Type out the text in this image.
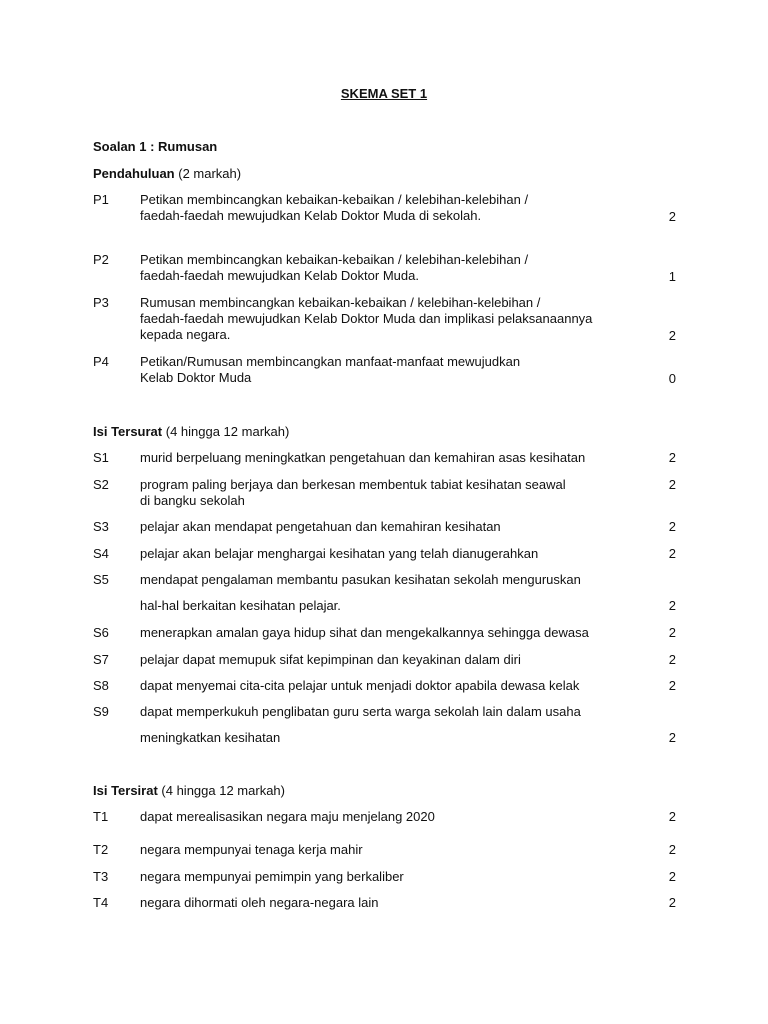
SKEMA SET 1
Soalan 1 : Rumusan
Pendahuluan (2 markah)
P1	Petikan membincangkan kebaikan-kebaikan / kelebihan-kelebihan /
faedah-faedah mewujudkan Kelab Doktor Muda di sekolah.	2
P2	Petikan membincangkan kebaikan-kebaikan / kelebihan-kelebihan /
faedah-faedah mewujudkan Kelab Doktor Muda.	1
P3	Rumusan membincangkan kebaikan-kebaikan / kelebihan-kelebihan /
faedah-faedah mewujudkan Kelab Doktor Muda dan implikasi pelaksanaannya
kepada negara.	2
P4	Petikan/Rumusan membincangkan manfaat-manfaat mewujudkan
Kelab Doktor Muda	0
Isi Tersurat (4 hingga 12 markah)
S1	murid berpeluang meningkatkan pengetahuan dan kemahiran asas kesihatan	2
S2	program paling berjaya dan berkesan membentuk tabiat kesihatan seawal
di bangku sekolah
2
S3	pelajar akan mendapat pengetahuan dan kemahiran kesihatan	2
S4	pelajar akan belajar menghargai kesihatan yang telah dianugerahkan	2
S5	mendapat pengalaman membantu pasukan kesihatan sekolah menguruskan
hal-hal berkaitan kesihatan pelajar.	2
S6	menerapkan amalan gaya hidup sihat dan mengekalkannya sehingga dewasa	2
S7	pelajar dapat memupuk sifat kepimpinan dan keyakinan dalam diri	2
S8	dapat menyemai cita-cita pelajar untuk menjadi doktor apabila dewasa kelak	2
S9	dapat memperkukuh penglibatan guru serta warga sekolah lain dalam usaha
meningkatkan kesihatan	2
Isi Tersirat (4 hingga 12 markah)
T1	dapat merealisasikan negara maju menjelang 2020	2
T2	negara mempunyai tenaga kerja mahir	2
T3	negara mempunyai pemimpin yang berkaliber	2
T4	negara dihormati oleh negara-negara lain	2
